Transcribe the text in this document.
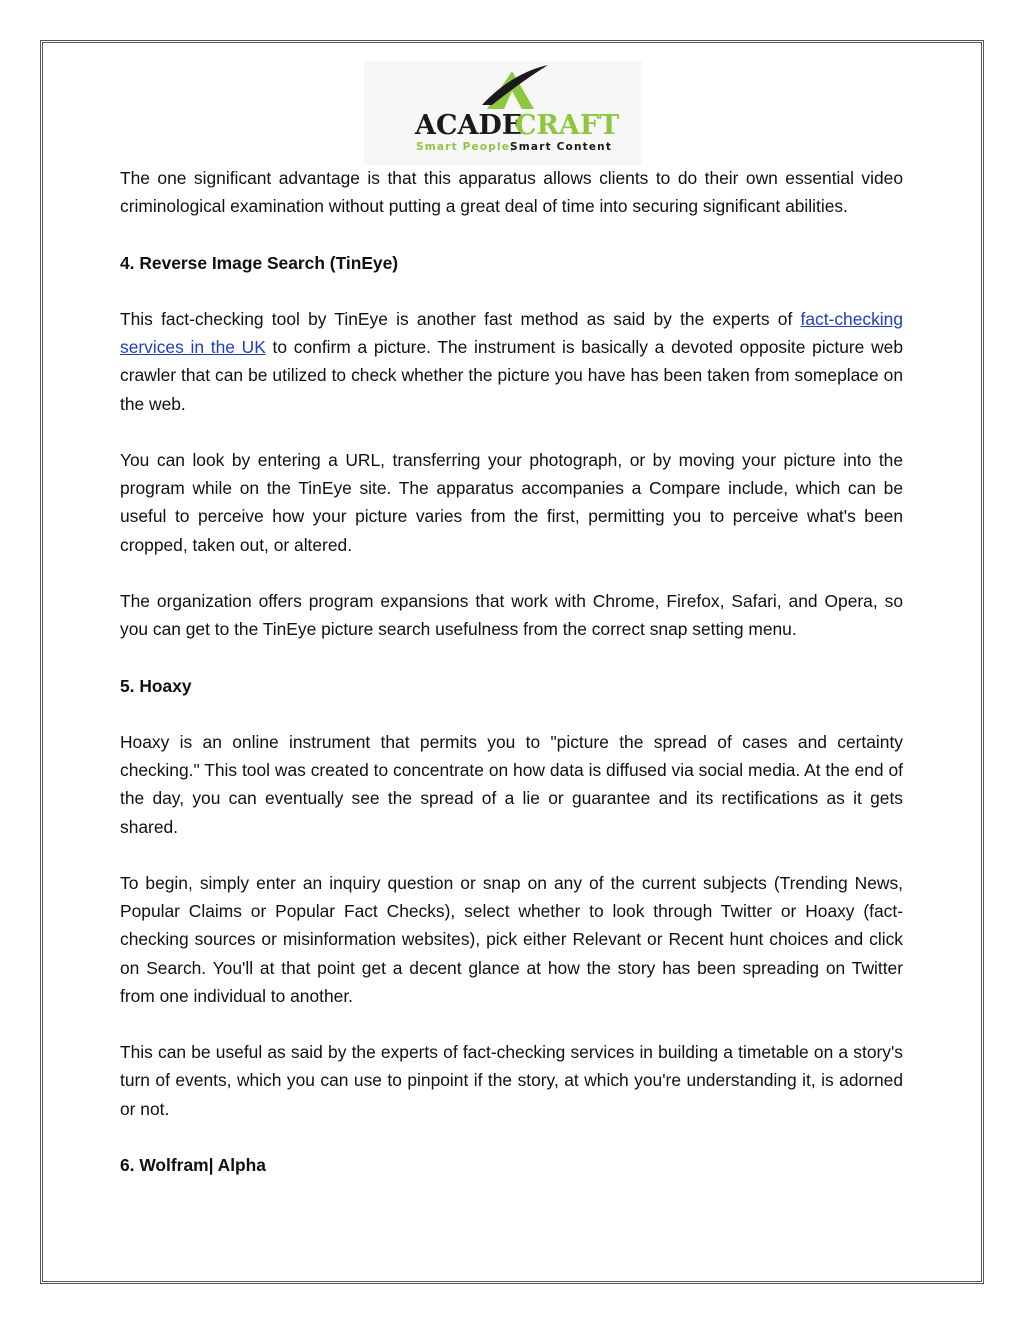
ACADE
CRAFT
Smart People,
Smart Content

The one significant advantage is that this apparatus allows clients to do their own essential video criminological examination without putting a great deal of time into securing significant abilities.

4. Reverse Image Search (TinEye)

This fact-checking tool by TinEye is another fast method as said by the experts of fact-checking services in the UK to confirm a picture. The instrument is basically a devoted opposite picture web crawler that can be utilized to check whether the picture you have has been taken from someplace on the web.

You can look by entering a URL, transferring your photograph, or by moving your picture into the program while on the TinEye site. The apparatus accompanies a Compare include, which can be useful to perceive how your picture varies from the first, permitting you to perceive what's been cropped, taken out, or altered.

The organization offers program expansions that work with Chrome, Firefox, Safari, and Opera, so you can get to the TinEye picture search usefulness from the correct snap setting menu.

5. Hoaxy

Hoaxy is an online instrument that permits you to "picture the spread of cases and certainty checking." This tool was created to concentrate on how data is diffused via social media. At the end of the day, you can eventually see the spread of a lie or guarantee and its rectifications as it gets shared.

To begin, simply enter an inquiry question or snap on any of the current subjects (Trending News, Popular Claims or Popular Fact Checks), select whether to look through Twitter or Hoaxy (fact-checking sources or misinformation websites), pick either Relevant or Recent hunt choices and click on Search. You'll at that point get a decent glance at how the story has been spreading on Twitter from one individual to another.

This can be useful as said by the experts of fact-checking services in building a timetable on a story's turn of events, which you can use to pinpoint if the story, at which you're understanding it, is adorned or not.

6. Wolfram| Alpha
